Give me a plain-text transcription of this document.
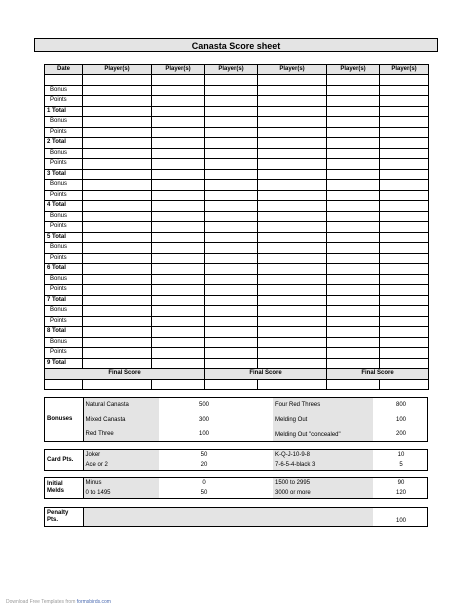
Canasta Score sheet
Date	Player(s)	Player(s)	Player(s)	Player(s)	Player(s)	Player(s)

Bonus						
Points						
1 Total						
Bonus						
Points						
2 Total						
Bonus						
Points						
3 Total						
Bonus						
Points						
4 Total						
Bonus						
Points						
5 Total						
Bonus						
Points						
6 Total						
Bonus						
Points						
7 Total						
Bonus						
Points						
8 Total						
Bonus						
Points						
9 Total						
Final Score			Final Score		Final Score	

Bonuses	Natural Canasta	500		Four Red Threes	800
	Mixed Canasta	300		Melding Out	100
	Red Three	100		Melding Out "concealed"	200
Card Pts.	Joker	50		K-Q-J-10-9-8	10
	Ace or 2	20		7-6-5-4-black 3	5
Initial Melds	Minus	0		1500 to 2995	90
	0 to 1495	50		3000 or more	120
Penalty Pts.		100
Download Free Templates from formsbirds.com
